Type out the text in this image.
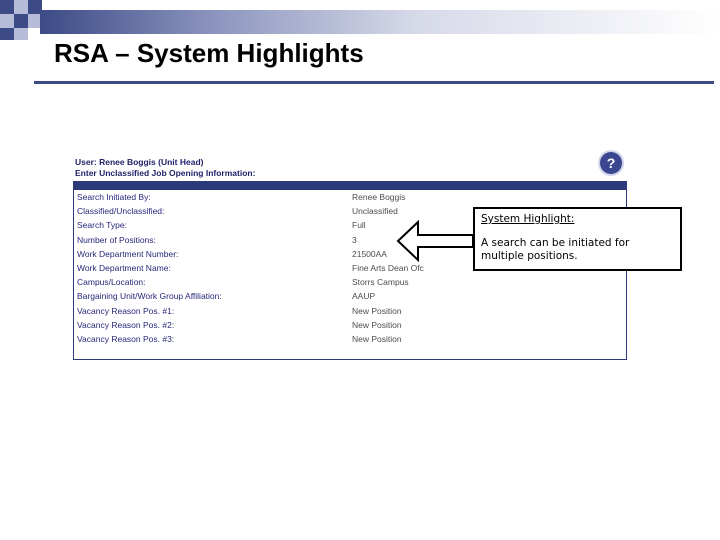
RSA – System Highlights
User: Renee Boggis (Unit Head)
Enter Unclassified Job Opening Information:
?
Search Initiated By:	Renee Boggis
Classified/Unclassified:	Unclassified
Search Type:	Full
Number of Positions:	3
Work Department Number:	21500AA
Work Department Name:	Fine Arts Dean Ofc
Campus/Location:	Storrs Campus
Bargaining Unit/Work Group Affiliation:	AAUP
Vacancy Reason Pos. #1:	New Position
Vacancy Reason Pos. #2:	New Position
Vacancy Reason Pos. #3:	New Position
System Highlight:
A search can be initiated for multiple positions.
